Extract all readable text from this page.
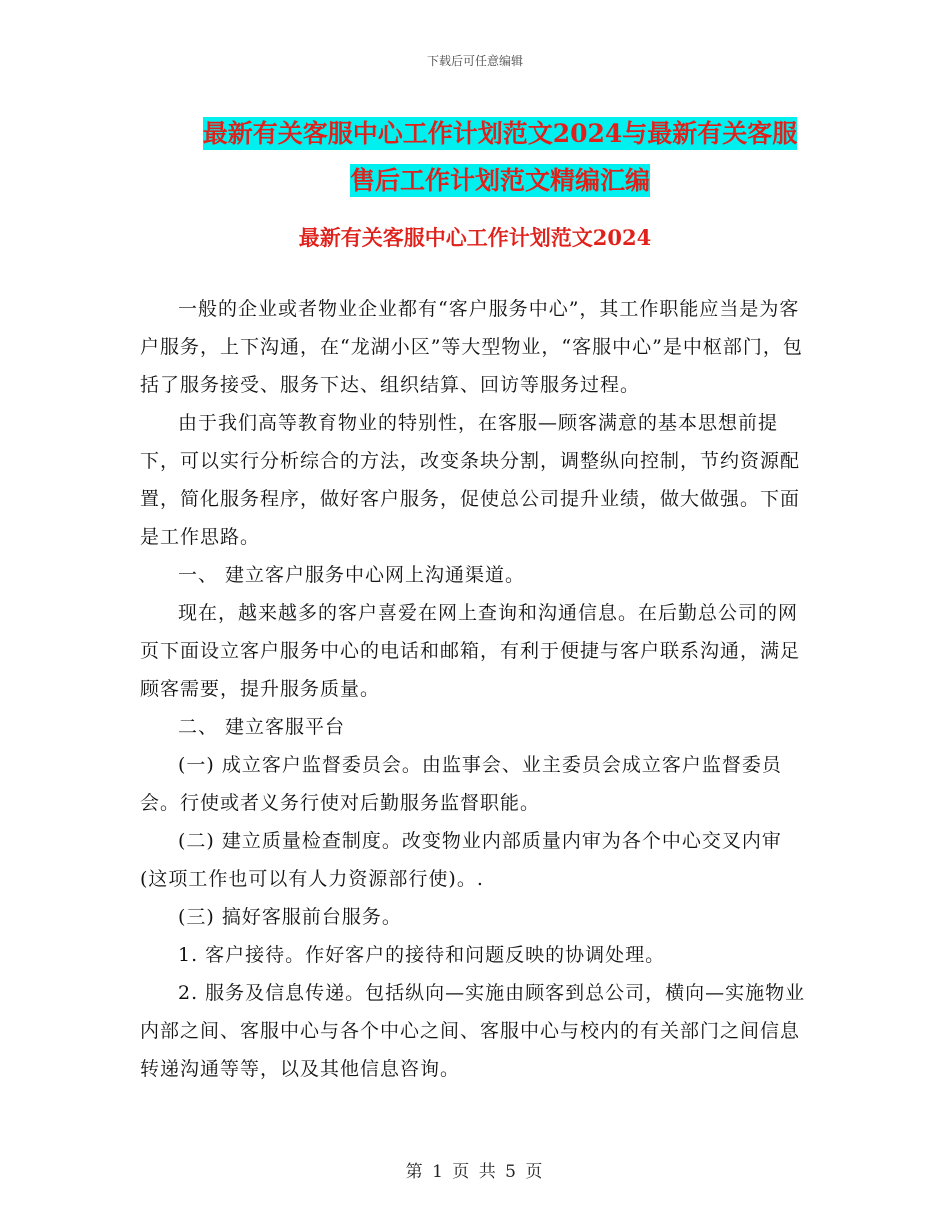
下载后可任意编辑
最新有关客服中心工作计划范文2024与最新有关客服
售后工作计划范文精编汇编
最新有关客服中心工作计划范文2024

一般的企业或者物业企业都有“客户服务中心”，其工作职能应当是为客户服务，上下沟通，在“龙湖小区”等大型物业，“客服中心”是中枢部门，包括了服务接受、服务下达、组织结算、回访等服务过程。

由于我们高等教育物业的特别性，在客服—顾客满意的基本思想前提下，可以实行分析综合的方法，改变条块分割，调整纵向控制，节约资源配置，简化服务程序，做好客户服务，促使总公司提升业绩，做大做强。下面是工作思路。

一、 建立客户服务中心网上沟通渠道。

现在，越来越多的客户喜爱在网上查询和沟通信息。在后勤总公司的网页下面设立客户服务中心的电话和邮箱，有利于便捷与客户联系沟通，满足顾客需要，提升服务质量。

二、 建立客服平台

(一) 成立客户监督委员会。由监事会、业主委员会成立客户监督委员会。行使或者义务行使对后勤服务监督职能。

(二) 建立质量检查制度。改变物业内部质量内审为各个中心交叉内审(这项工作也可以有人力资源部行使)。.

(三) 搞好客服前台服务。

1. 客户接待。作好客户的接待和问题反映的协调处理。

2. 服务及信息传递。包括纵向—实施由顾客到总公司，横向—实施物业内部之间、客服中心与各个中心之间、客服中心与校内的有关部门之间信息转递沟通等等，以及其他信息咨询。

第 1 页 共 5 页
